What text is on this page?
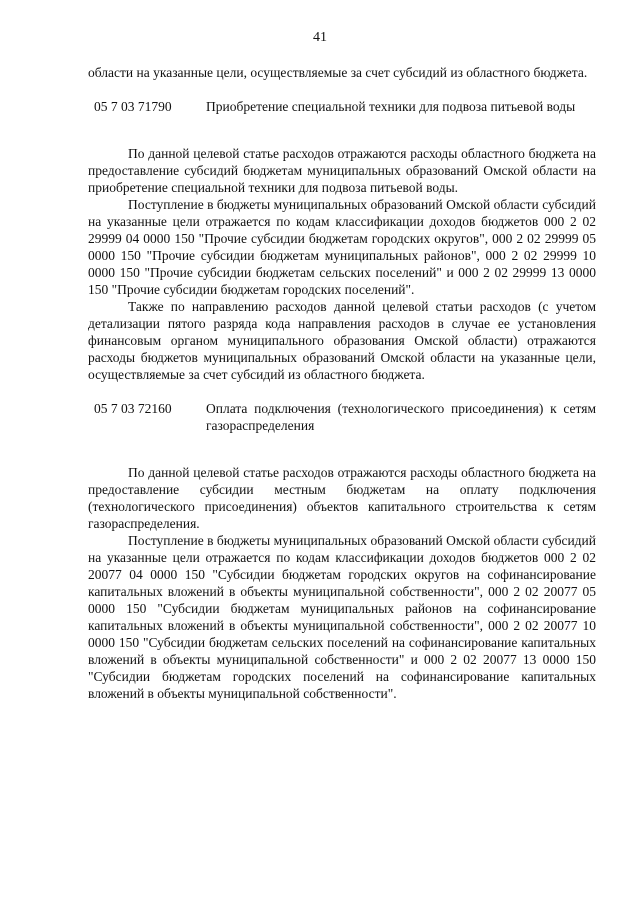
41

области на указанные цели, осуществляемые за счет субсидий из областного бюджета.

05 7 03 71790	Приобретение специальной техники для подвоза питьевой воды

По данной целевой статье расходов отражаются расходы областного бюджета на предоставление субсидий бюджетам муниципальных образований Омской области на приобретение специальной техники для подвоза питьевой воды.

Поступление в бюджеты муниципальных образований Омской области субсидий на указанные цели отражается по кодам классификации доходов бюджетов 000 2 02 29999 04 0000 150 "Прочие субсидии бюджетам городских округов", 000 2 02 29999 05 0000 150 "Прочие субсидии бюджетам муниципальных районов", 000 2 02 29999 10 0000 150 "Прочие субсидии бюджетам сельских поселений" и 000 2 02 29999 13 0000 150 "Прочие субсидии бюджетам городских поселений".

Также по направлению расходов данной целевой статьи расходов (с учетом детализации пятого разряда кода направления расходов в случае ее установления финансовым органом муниципального образования Омской области) отражаются расходы бюджетов муниципальных образований Омской области на указанные цели, осуществляемые за счет субсидий из областного бюджета.

05 7 03 72160	Оплата подключения (технологического присоединения) к сетям газораспределения

По данной целевой статье расходов отражаются расходы областного бюджета на предоставление субсидии местным бюджетам на оплату подключения (технологического присоединения) объектов капитального строительства к сетям газораспределения.

Поступление в бюджеты муниципальных образований Омской области субсидий на указанные цели отражается по кодам классификации доходов бюджетов 000 2 02 20077 04 0000 150 "Субсидии бюджетам городских округов на софинансирование капитальных вложений в объекты муниципальной собственности", 000 2 02 20077 05 0000 150 "Субсидии бюджетам муниципальных районов на софинансирование капитальных вложений в объекты муниципальной собственности", 000 2 02 20077 10 0000 150 "Субсидии бюджетам сельских поселений на софинансирование капитальных вложений в объекты муниципальной собственности" и 000 2 02 20077 13 0000 150 "Субсидии бюджетам городских поселений на софинансирование капитальных вложений в объекты муниципальной собственности".
